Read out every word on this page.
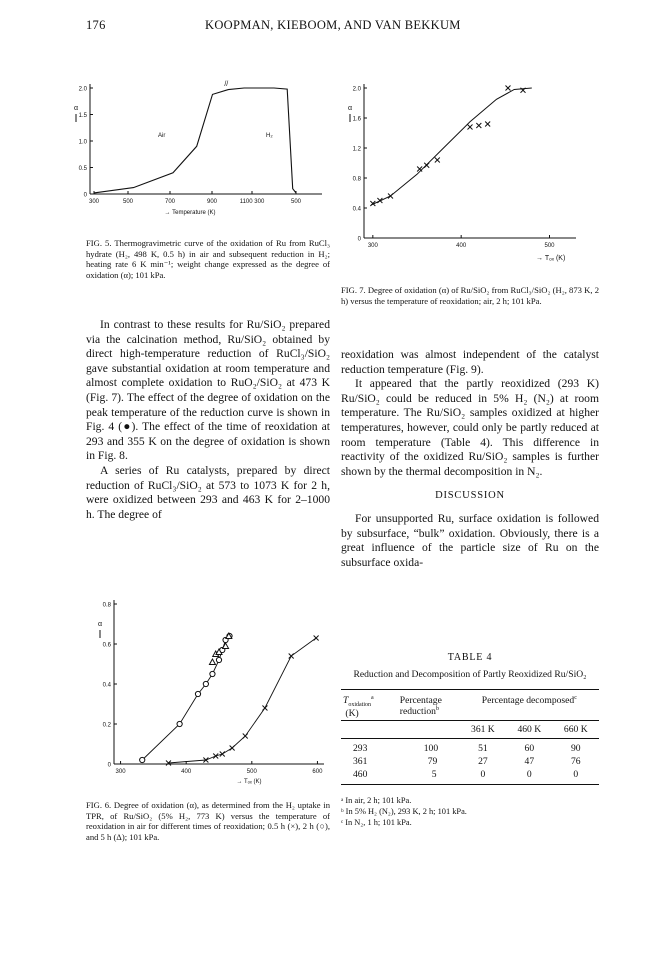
176	KOOPMAN, KIEBOOM, AND VAN BEKKUM
0
0.5
1.0
1.5
2.0
300	500	700	900	1100 300	500
α
//
Air	H₂
→ Temperature (K)
FIG. 5. Thermogravimetric curve of the oxidation of Ru from RuCl₃ hydrate (H₂, 498 K, 0.5 h) in air and subsequent reduction in H₂; heating rate 6 K min⁻¹; weight change expressed as the degree of oxidation (α); 101 kPa.
0
0.4
0.8
1.2
1.6
2.0
300	400	500
α
→ Tₒₓ (K)
FIG. 7. Degree of oxidation (α) of Ru/SiO₂ from RuCl₃/SiO₂ (H₂, 873 K, 2 h) versus the temperature of reoxidation; air, 2 h; 101 kPa.

In contrast to these results for Ru/SiO₂ prepared via the calcination method, Ru/SiO₂ obtained by direct high-temperature reduction of RuCl₃/SiO₂ gave substantial oxidation at room temperature and almost complete oxidation to RuO₂/SiO₂ at 473 K (Fig. 7). The effect of the degree of oxidation on the peak temperature of the reduction curve is shown in Fig. 4 (●). The effect of the time of reoxidation at 293 and 355 K on the degree of oxidation is shown in Fig. 8.

A series of Ru catalysts, prepared by direct reduction of RuCl₃/SiO₂ at 573 to 1073 K for 2 h, were oxidized between 293 and 463 K for 2–1000 h. The degree of

reoxidation was almost independent of the catalyst reduction temperature (Fig. 9).

It appeared that the partly reoxidized (293 K) Ru/SiO₂ could be reduced in 5% H₂ (N₂) at room temperature. The Ru/SiO₂ samples oxidized at higher temperatures, however, could only be partly reduced at room temperature (Table 4). This difference in reactivity of the oxidized Ru/SiO₂ samples is further shown by the thermal decomposition in N₂.

DISCUSSION

For unsupported Ru, surface oxidation is followed by subsurface, “bulk” oxidation. Obviously, there is a great influence of the particle size of Ru on the subsurface oxida-

0
0.2
0.4
0.6
0.8
300	400	500	600
α
→ Tₒₓ (K)
FIG. 6. Degree of oxidation (α), as determined from the H₂ uptake in TPR, of Ru/SiO₂ (5% H₂, 773 K) versus the temperature of reoxidation in air for different times of reoxidation; 0.5 h (×), 2 h (○), and 5 h (Δ); 101 kPa.
TABLE 4
Reduction and Decomposition of Partly Reoxidized Ru/SiO₂
$T_{oxidation}^a$
(K)	Percentage reduction$^b$	Percentage decomposed$^c$
		361 K	460 K	660 K
293	100	51	60	90
361	79	27	47	76
460	5	0	0	0
ᵃ In air, 2 h; 101 kPa.
ᵇ In 5% H₂ (N₂), 293 K, 2 h; 101 kPa.
ᶜ In N₂, 1 h; 101 kPa.
